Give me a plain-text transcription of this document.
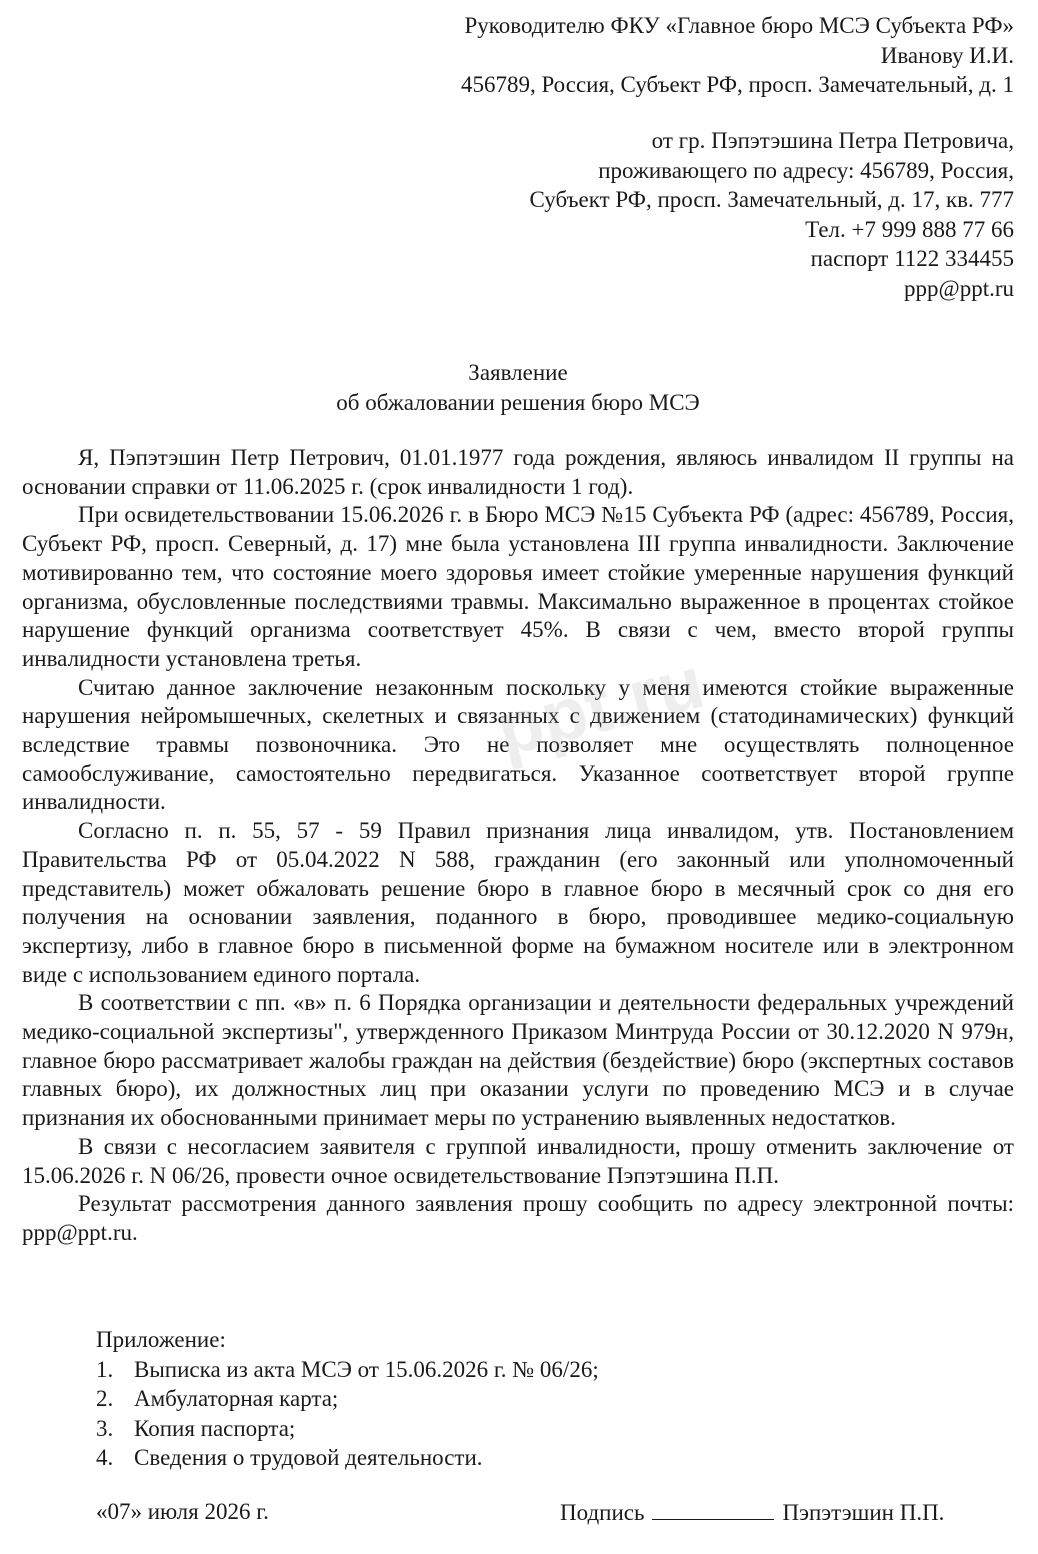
Руководителю ФКУ «Главное бюро МСЭ Субъекта РФ»
Иванову И.И.
456789, Россия, Субъект РФ, просп. Замечательный, д. 1
от гр. Пэпэтэшина Петра Петровича,
проживающего по адресу: 456789, Россия,
Субъект РФ, просп. Замечательный, д. 17, кв. 777
Тел. +7 999 888 77 66
паспорт 1122 334455
ppp@ppt.ru
Заявление
об обжаловании решения бюро МСЭ

Я, Пэпэтэшин Петр Петрович, 01.01.1977 года рождения, являюсь инвалидом II группы на основании справки от 11.06.2025 г. (срок инвалидности 1 год).

При освидетельствовании 15.06.2026 г. в Бюро МСЭ №15 Субъекта РФ (адрес: 456789, Россия, Субъект РФ, просп. Северный, д. 17) мне была установлена III группа инвалидности. Заключение мотивированно тем, что состояние моего здоровья имеет стойкие умеренные нарушения функций организма, обусловленные последствиями травмы. Максимально выраженное в процентах стойкое нарушение функций организма соответствует 45%. В связи с чем, вместо второй группы инвалидности установлена третья.

Считаю данное заключение незаконным поскольку у меня имеются стойкие выраженные нарушения нейромышечных, скелетных и связанных с движением (статодинамических) функций вследствие травмы позвоночника. Это не позволяет мне осуществлять полноценное самообслуживание, самостоятельно передвигаться. Указанное соответствует второй группе инвалидности.

Согласно п. п. 55, 57 - 59 Правил признания лица инвалидом, утв. Постановлением Правительства РФ от 05.04.2022 N 588, гражданин (его законный или уполномоченный представитель) может обжаловать решение бюро в главное бюро в месячный срок со дня его получения на основании заявления, поданного в бюро, проводившее медико-социальную экспертизу, либо в главное бюро в письменной форме на бумажном носителе или в электронном виде с использованием единого портала.

В соответствии с пп. «в» п. 6 Порядка организации и деятельности федеральных учреждений медико-социальной экспертизы", утвержденного Приказом Минтруда России от 30.12.2020 N 979н, главное бюро рассматривает жалобы граждан на действия (бездействие) бюро (экспертных составов главных бюро), их должностных лиц при оказании услуги по проведению МСЭ и в случае признания их обоснованными принимает меры по устранению выявленных недостатков.

В связи с несогласием заявителя с группой инвалидности, прошу отменить заключение от 15.06.2026 г. N 06/26, провести очное освидетельствование Пэпэтэшина П.П.

Результат рассмотрения данного заявления прошу сообщить по адресу электронной почты: ppp@ppt.ru.

Приложение:
1. Выписка из акта МСЭ от 15.06.2026 г. № 06/26;
2. Амбулаторная карта;
3. Копия паспорта;
4. Сведения о трудовой деятельности.
«07» июля 2026 г.	Подпись	Пэпэтэшин П.П.
ppt.ru
